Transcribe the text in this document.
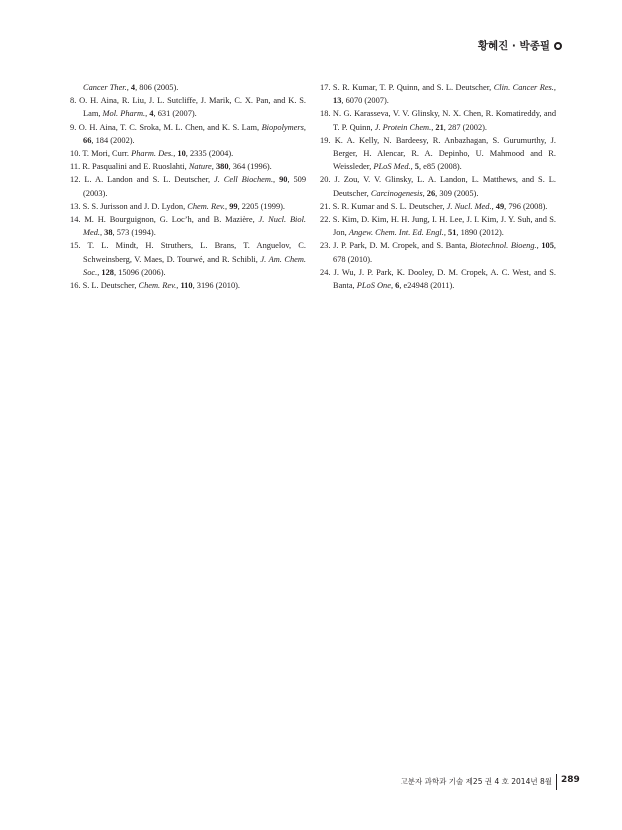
황혜진 · 박종필
Cancer Ther., 4, 806 (2005).
8. O. H. Aina, R. Liu, J. L. Sutcliffe, J. Marik, C. X. Pan, and K. S. Lam, Mol. Pharm., 4, 631 (2007).
9. O. H. Aina, T. C. Sroka, M. L. Chen, and K. S. Lam, Biopolymers, 66, 184 (2002).
10. T. Mori, Curr. Pharm. Des., 10, 2335 (2004).
11. R. Pasqualini and E. Ruoslahti, Nature, 380, 364 (1996).
12. L. A. Landon and S. L. Deutscher, J. Cell Biochem., 90, 509 (2003).
13. S. S. Jurisson and J. D. Lydon, Chem. Rev., 99, 2205 (1999).
14. M. H. Bourguignon, G. Loc’h, and B. Mazière, J. Nucl. Biol. Med., 38, 573 (1994).
15. T. L. Mindt, H. Struthers, L. Brans, T. Anguelov, C. Schweinsberg, V. Maes, D. Tourwé, and R. Schibli, J. Am. Chem. Soc., 128, 15096 (2006).
16. S. L. Deutscher, Chem. Rev., 110, 3196 (2010).
17. S. R. Kumar, T. P. Quinn, and S. L. Deutscher, Clin. Cancer Res., 13, 6070 (2007).
18. N. G. Karasseva, V. V. Glinsky, N. X. Chen, R. Komatireddy, and T. P. Quinn, J. Protein Chem., 21, 287 (2002).
19. K. A. Kelly, N. Bardeesy, R. Anbazhagan, S. Gurumurthy, J. Berger, H. Alencar, R. A. Depinho, U. Mahmood and R. Weissleder, PLoS Med., 5, e85 (2008).
20. J. Zou, V. V. Glinsky, L. A. Landon, L. Matthews, and S. L. Deutscher, Carcinogenesis, 26, 309 (2005).
21. S. R. Kumar and S. L. Deutscher, J. Nucl. Med., 49, 796 (2008).
22. S. Kim, D. Kim, H. H. Jung, I. H. Lee, J. I. Kim, J. Y. Suh, and S. Jon, Angew. Chem. Int. Ed. Engl., 51, 1890 (2012).
23. J. P. Park, D. M. Cropek, and S. Banta, Biotechnol. Bioeng., 105, 678 (2010).
24. J. Wu, J. P. Park, K. Dooley, D. M. Cropek, A. C. West, and S. Banta, PLoS One, 6, e24948 (2011).
고분자 과학과 기술 제25 권 4 호 2014년 8월 289
